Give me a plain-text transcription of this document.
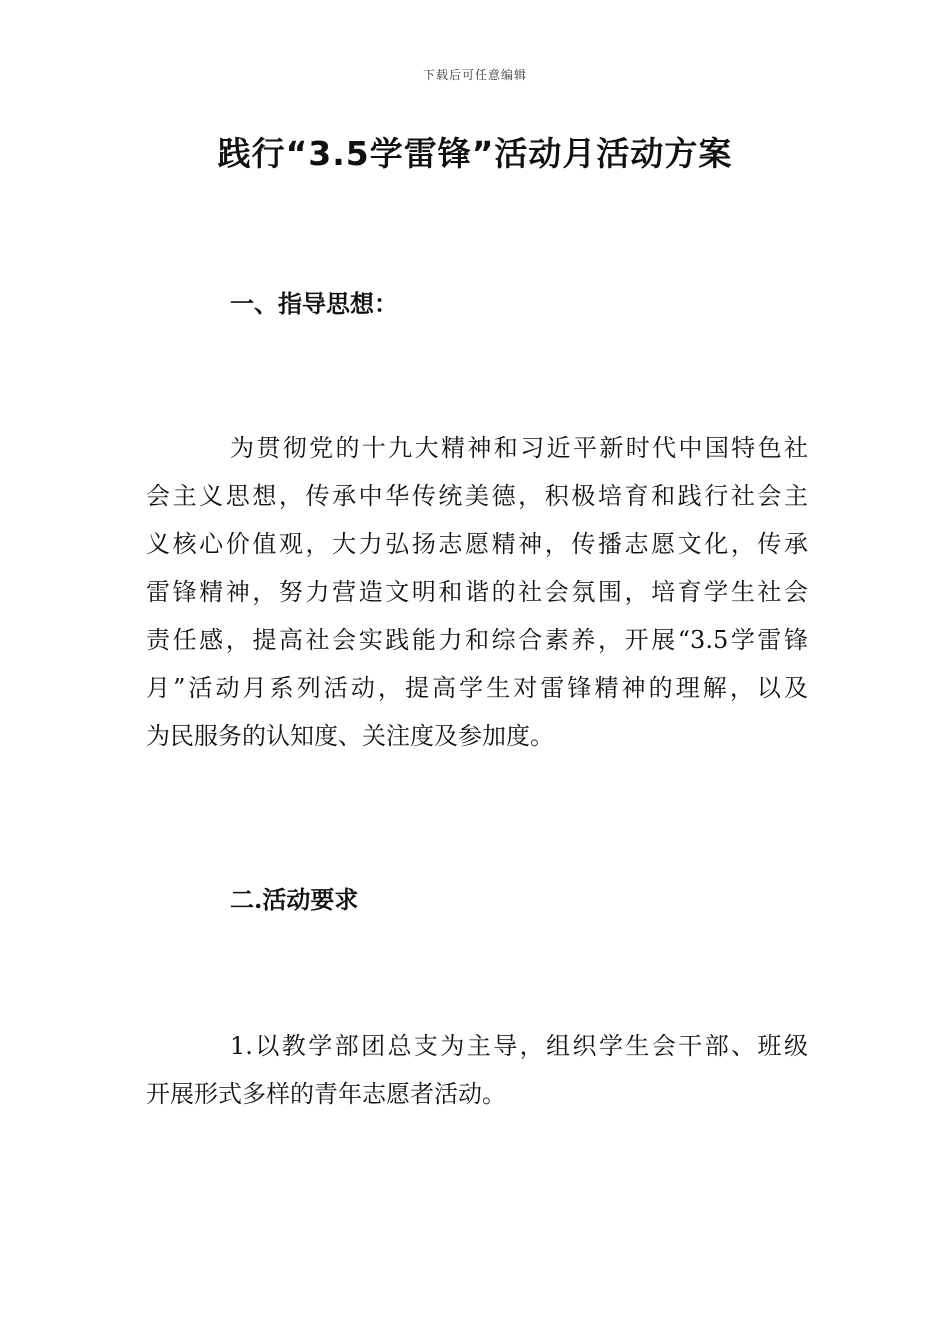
下载后可任意编辑
践行“3.5学雷锋”活动月活动方案
一、指导思想：

为贯彻党的十九大精神和习近平新时代中国特色社
会主义思想，传承中华传统美德，积极培育和践行社会主
义核心价值观，大力弘扬志愿精神，传播志愿文化，传承
雷锋精神，努力营造文明和谐的社会氛围，培育学生社会
责任感，提高社会实践能力和综合素养，开展“3.5学雷锋
月”活动月系列活动，提高学生对雷锋精神的理解，以及
为民服务的认知度、关注度及参加度。

二.活动要求

1.以教学部团总支为主导，组织学生会干部、班级
开展形式多样的青年志愿者活动。
